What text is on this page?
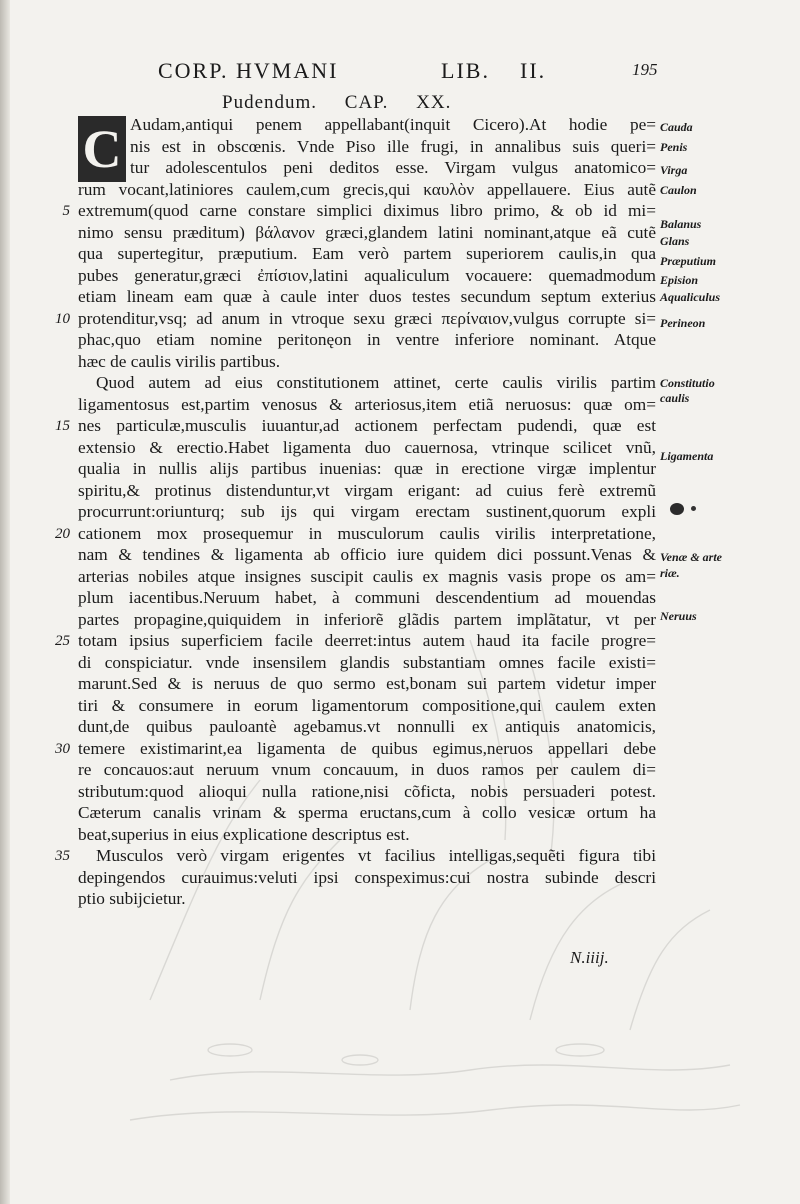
CORP. HVMANI	LIB. II.	195
Pudendum. CAP. XX.
C Audam,antiqui penem appellabant(inquit Cicero).At hodie pe=
nis est in obscœnis. Vnde Piso ille frugi, in annalibus suis queri=
tur adolescentulos peni deditos esse. Virgam vulgus anatomico=
rum vocant,latiniores caulem,cum grecis,qui καυλὸν appellauere. Eius autẽ
extremum(quod carne constare simplici diximus libro primo, & ob id mi=
nimo sensu præditum) βάλανον græci,glandem latini nominant,atque eã cutẽ
qua supertegitur, præputium. Eam verò partem superiorem caulis,in qua
pubes generatur,græci ἐπίσιον,latini aqualiculum vocauere: quemadmodum
etiam lineam eam quæ à caule inter duos testes secundum septum exterius
protenditur,vsq; ad anum in vtroque sexu græci περίναιον,vulgus corrupte si=
phac,quo etiam nomine peritonęon in ventre inferiore nominant. Atque
hæc de caulis virilis partibus.
Quod autem ad eius constitutionem attinet, certe caulis virilis partim
ligamentosus est,partim venosus & arteriosus,item etiã neruosus: quæ om=
nes particulæ,musculis iuuantur,ad actionem perfectam pudendi, quæ est
extensio & erectio.Habet ligamenta duo cauernosa, vtrinque scilicet vnũ,
qualia in nullis alijs partibus inuenias: quæ in erectione virgæ implentur
spiritu,& protinus distenduntur,vt virgam erigant: ad cuius ferè extremũ
procurrunt:oriunturq; sub ijs qui virgam erectam sustinent,quorum expli
cationem mox prosequemur in musculorum caulis virilis interpretatione,
nam & tendines & ligamenta ab officio iure quidem dici possunt.Venas &
arterias nobiles atque insignes suscipit caulis ex magnis vasis prope os am=
plum iacentibus.Neruum habet, à communi descendentium ad mouendas
partes propagine,quiquidem in inferiorẽ glãdis partem implãtatur, vt per
totam ipsius superficiem facile deerret:intus autem haud ita facile progre=
di conspiciatur. vnde insensilem glandis substantiam omnes facile existi=
marunt.Sed & is neruus de quo sermo est,bonam sui partem videtur imper
tiri & consumere in eorum ligamentorum compositione,qui caulem exten
dunt,de quibus pauloantè agebamus.vt nonnulli ex antiquis anatomicis,
temere existimarint,ea ligamenta de quibus egimus,neruos appellari debe
re concauos:aut neruum vnum concauum, in duos ramos per caulem di=
stributum:quod alioqui nulla ratione,nisi cõficta, nobis persuaderi potest.
Cæterum canalis vrinam & sperma eructans,cum à collo vesicæ ortum ha
beat,superius in eius explicatione descriptus est.
Musculos verò virgam erigentes vt facilius intelligas,sequẽti figura tibi
depingendos curauimus:veluti ipsi conspeximus:cui nostra subinde descri
ptio subijcietur.
5
10
15
20
25
30
35
Cauda
Penis
Virga
Caulon
Balanus
Glans
Præputium
Epision
Aqualiculus
Perineon
Constitutio
caulis
Ligamenta
Venæ & arte
riæ.
Neruus
N.iiij.
